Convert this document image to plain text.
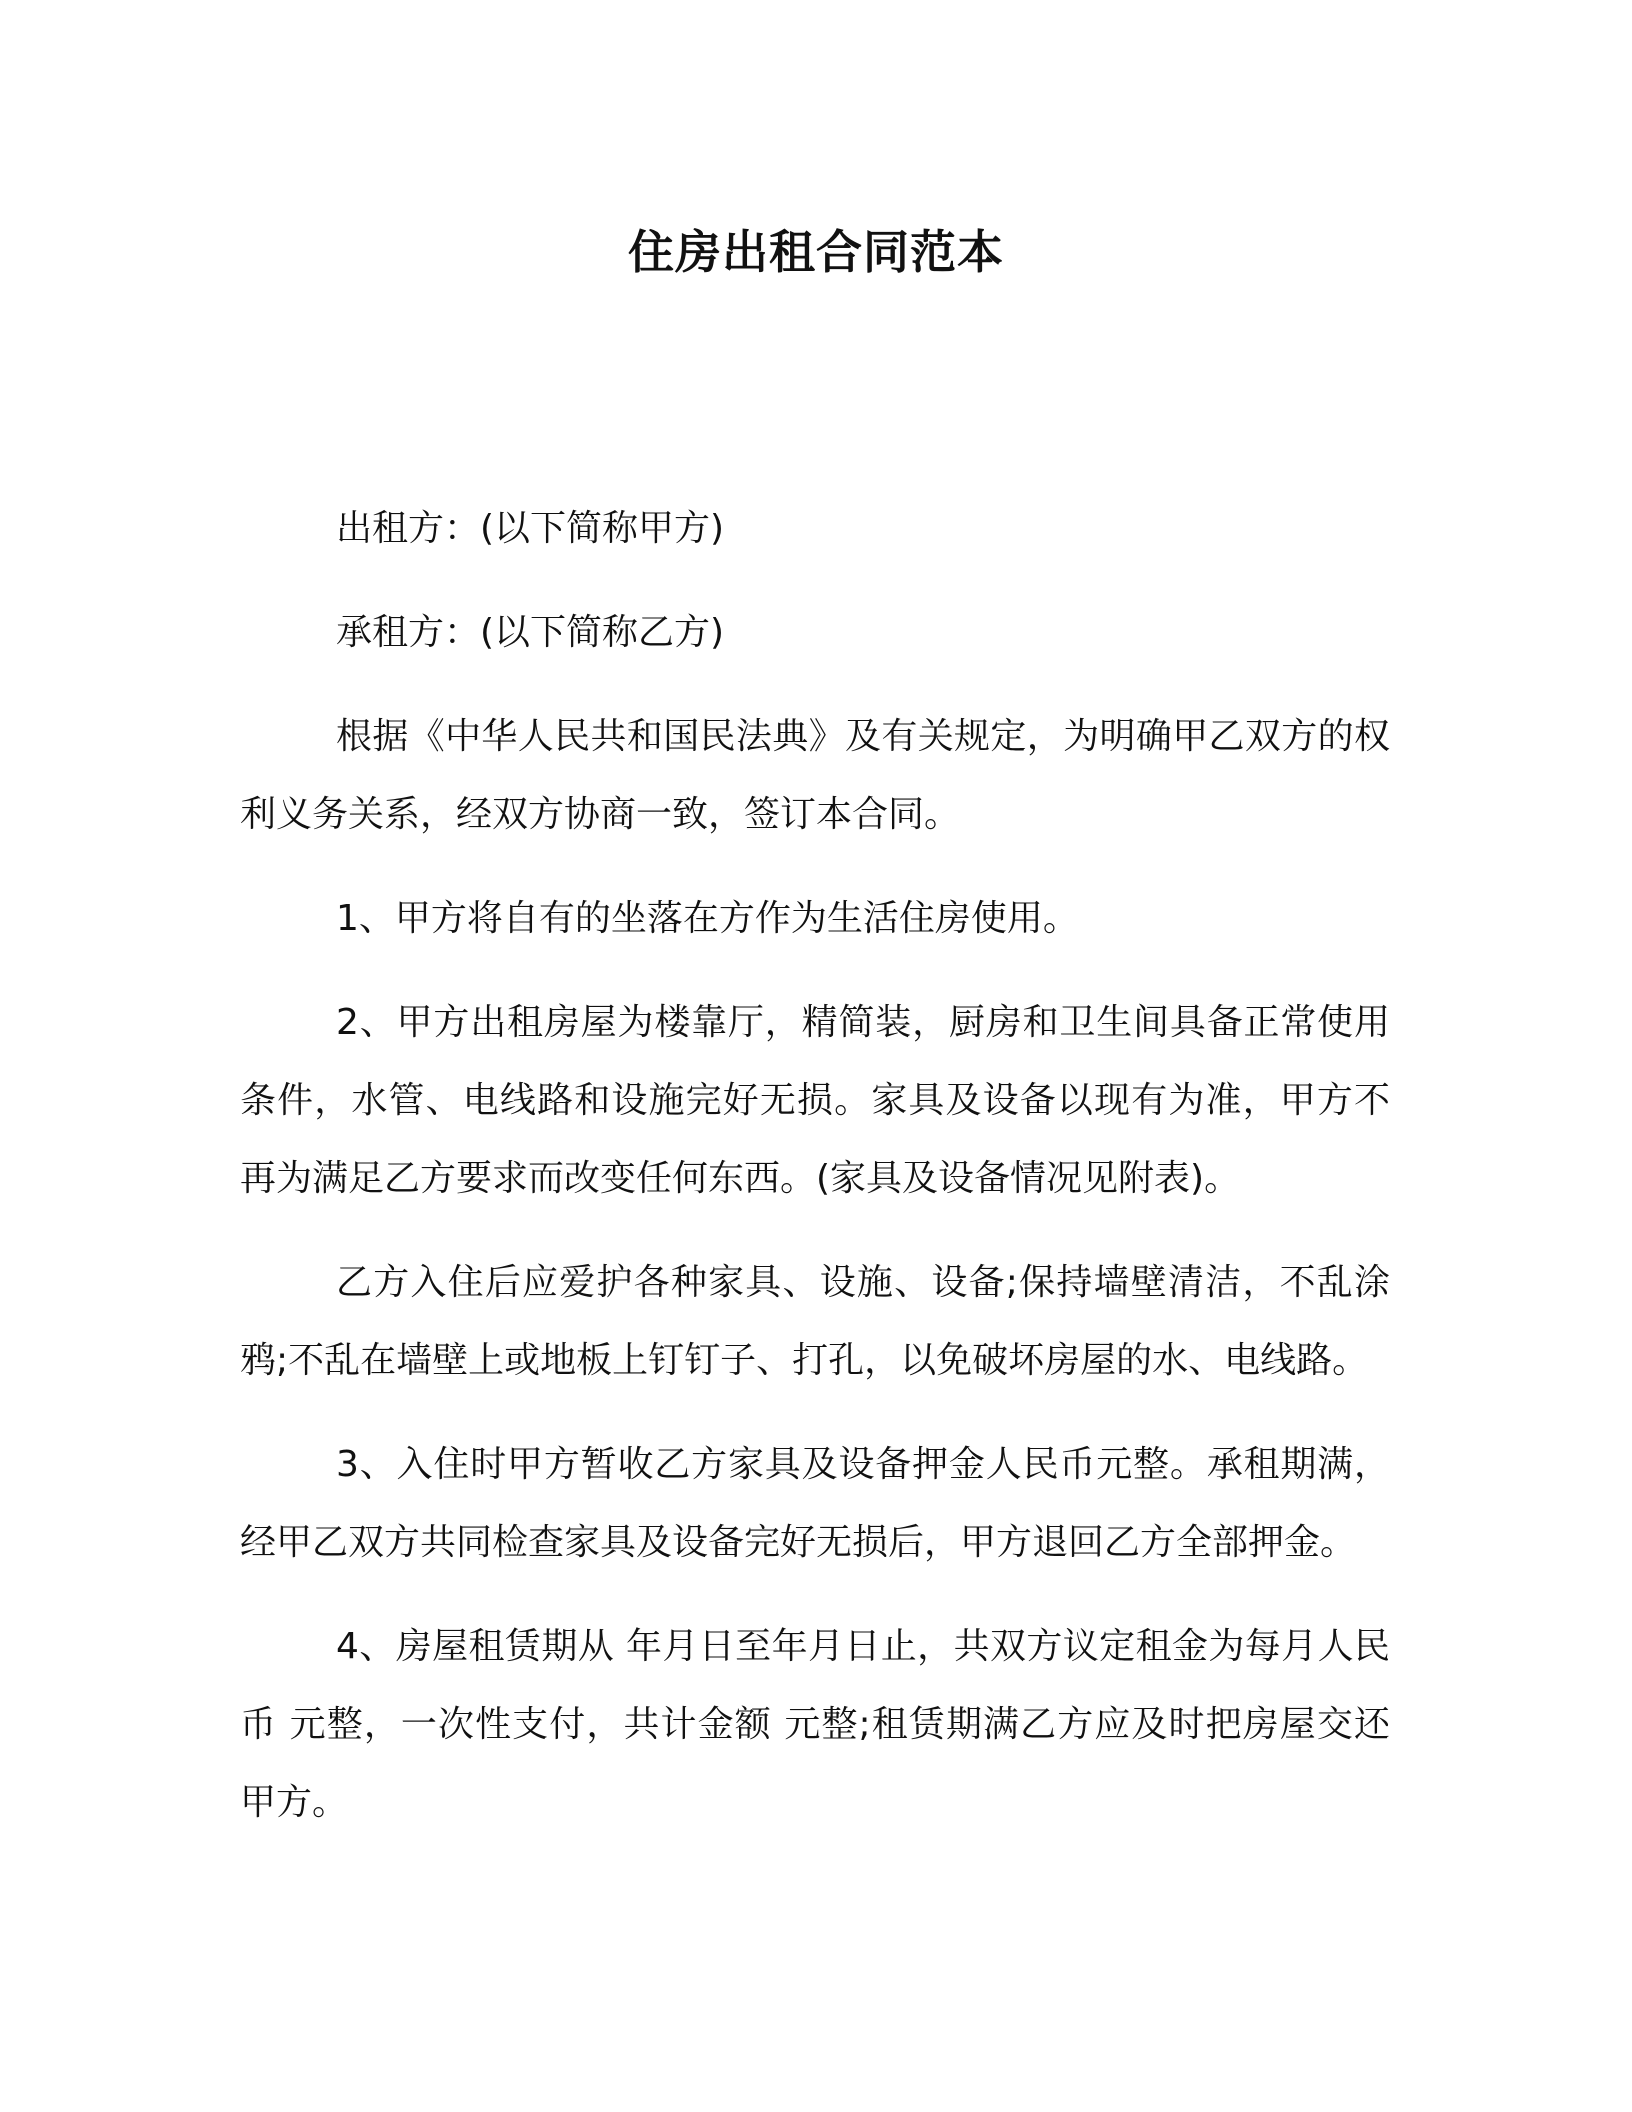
住房出租合同范本

出租方：(以下简称甲方)

承租方：(以下简称乙方)

根据《中华人民共和国民法典》及有关规定，为明确甲乙双方的权利义务关系，经双方协商一致，签订本合同。

1、甲方将自有的坐落在方作为生活住房使用。

2、甲方出租房屋为楼靠厅，精简装，厨房和卫生间具备正常使用条件，水管、电线路和设施完好无损。家具及设备以现有为准，甲方不再为满足乙方要求而改变任何东西。(家具及设备情况见附表)。

乙方入住后应爱护各种家具、设施、设备;保持墙壁清洁，不乱涂鸦;不乱在墙壁上或地板上钉钉子、打孔，以免破坏房屋的水、电线路。

3、入住时甲方暂收乙方家具及设备押金人民币元整。承租期满，经甲乙双方共同检查家具及设备完好无损后，甲方退回乙方全部押金。

4、房屋租赁期从 年月日至年月日止，共双方议定租金为每月人民币 元整，一次性支付，共计金额 元整;租赁期满乙方应及时把房屋交还甲方。
